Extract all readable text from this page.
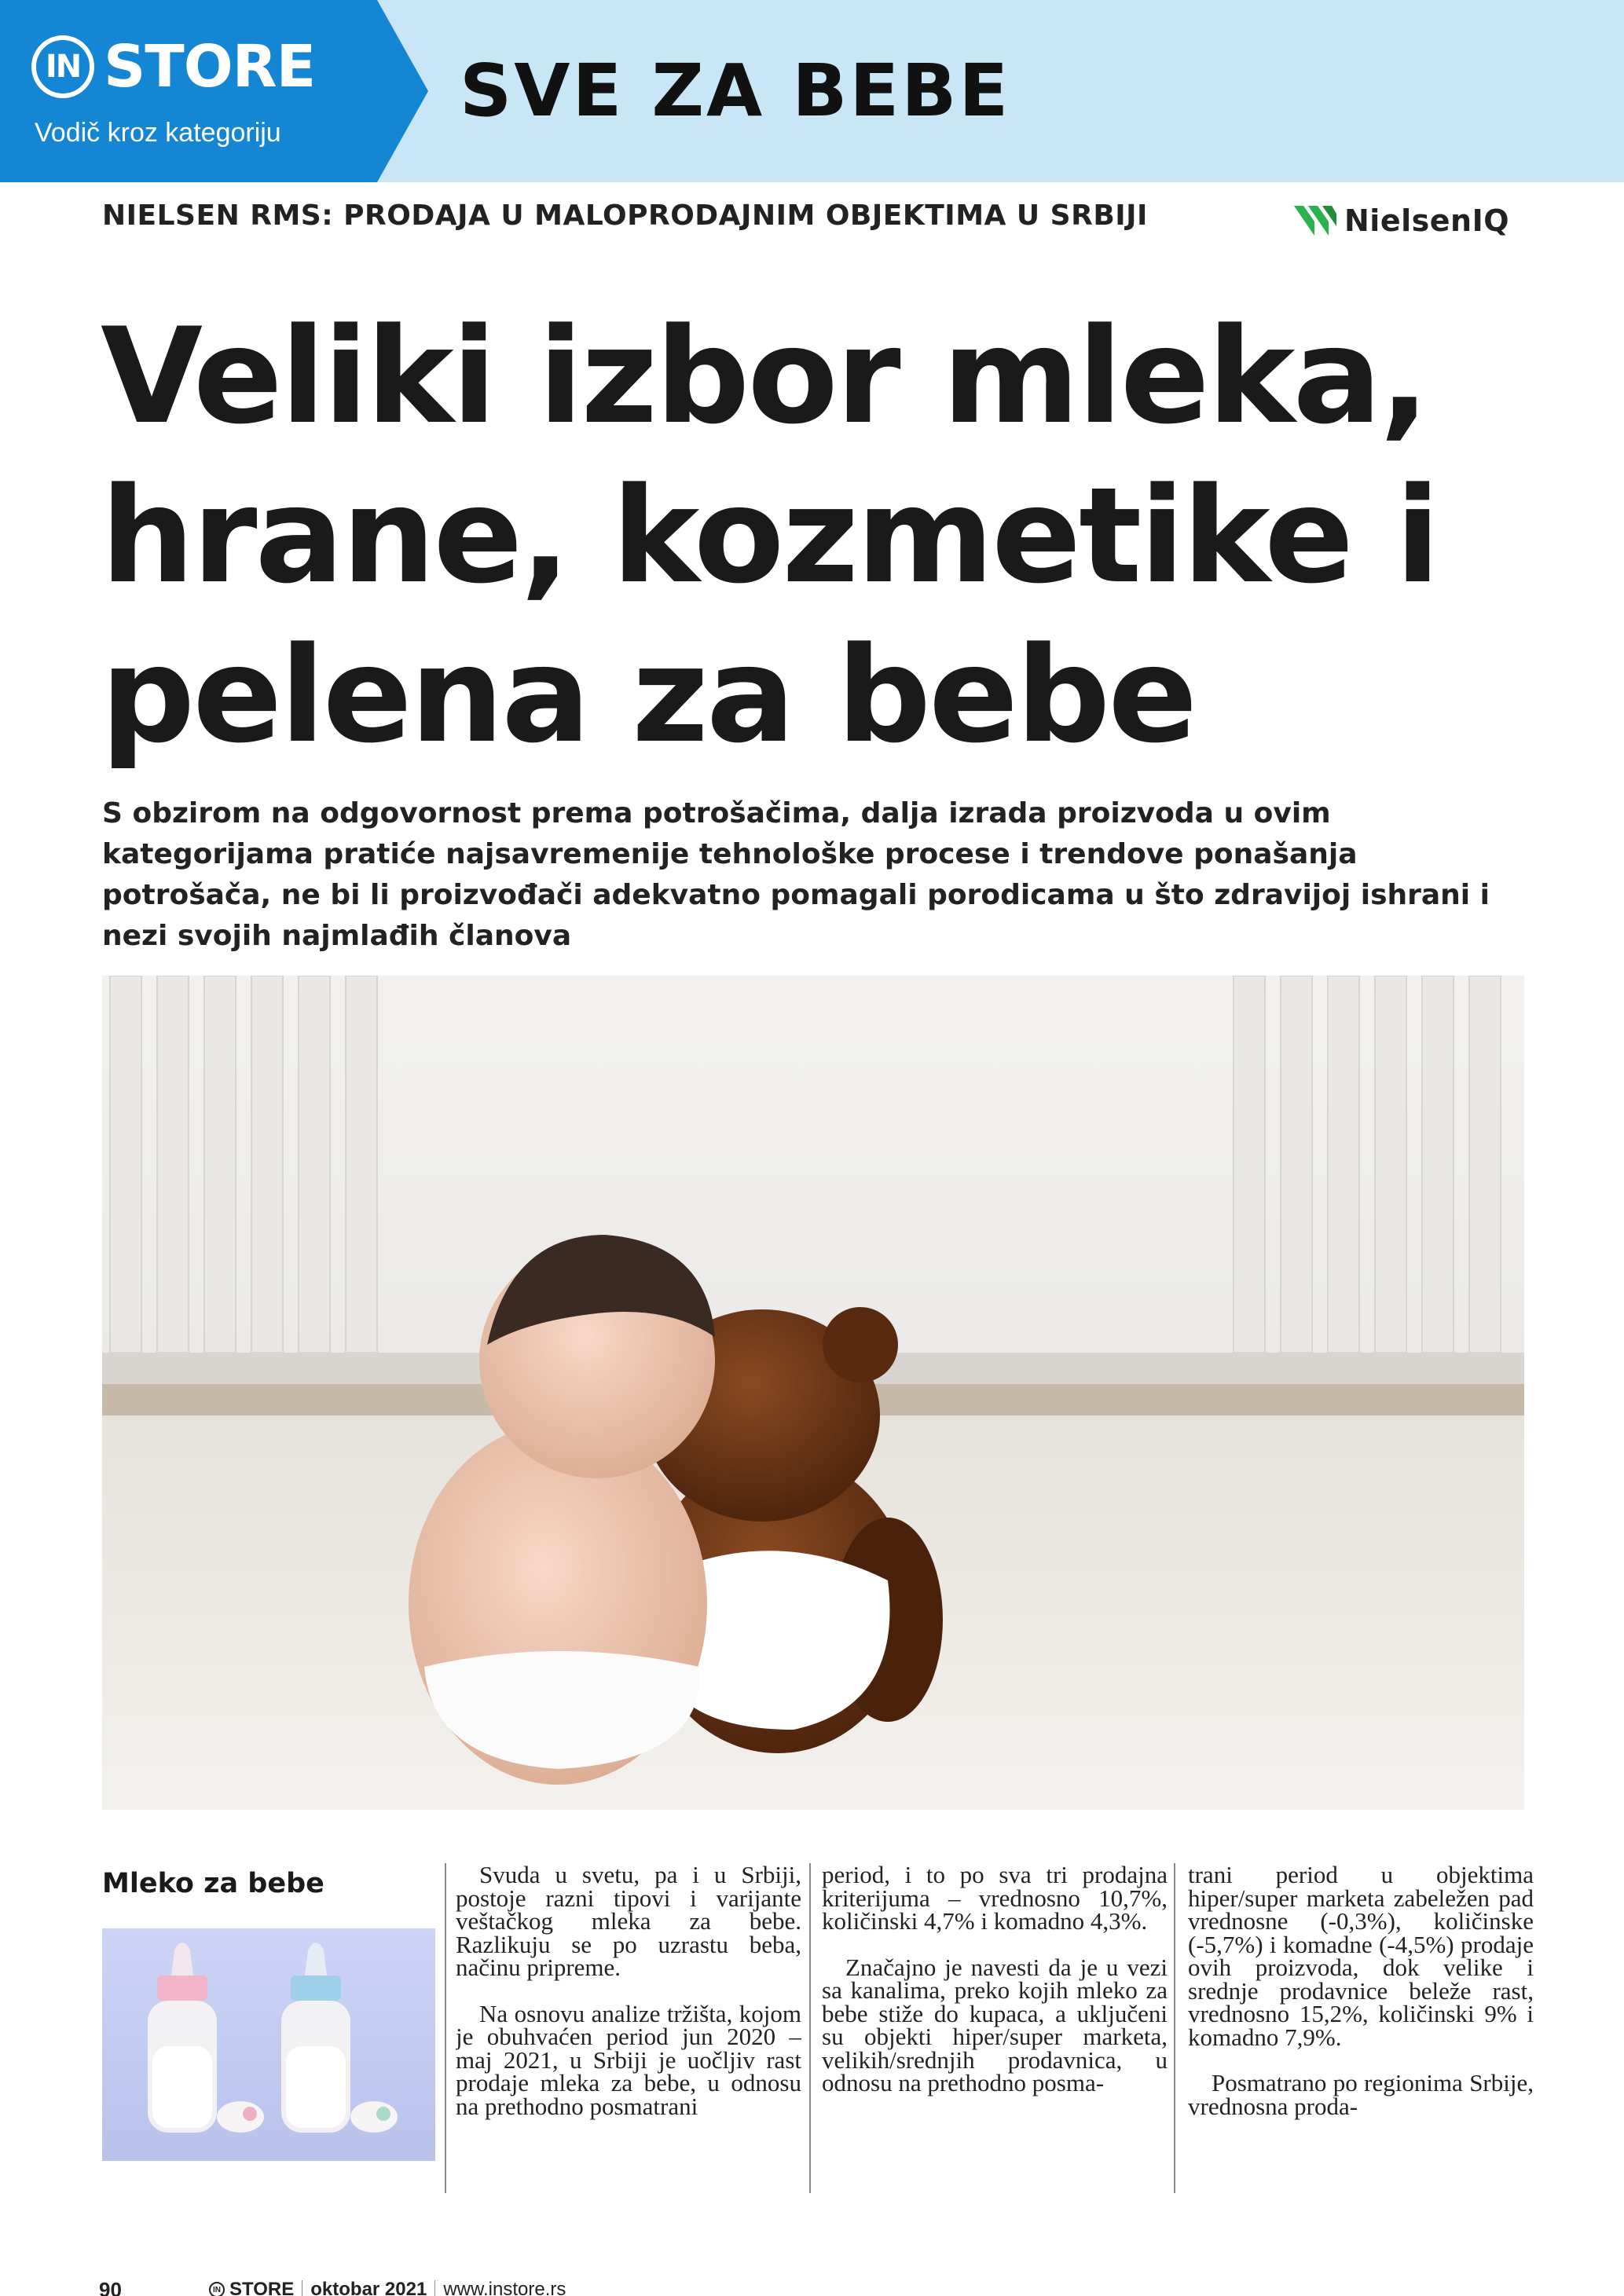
IN STORE
Vodič kroz kategoriju SVE ZA BEBE
NIELSEN RMS: PRODAJA U MALOPRODAJNIM OBJEKTIMA U SRBIJI	NielsenIQ
Veliki izbor mleka, hrane, kozmetike i pelena za bebe

S obzirom na odgovornost prema potrošačima, dalja izrada proizvoda u ovim kategorijama pratiće najsavremenije tehnološke procese i trendove ponašanja potrošača, ne bi li proizvođači adekvatno pomagali porodicama u što zdravijoj ishrani i nezi svojih najmlađih članova

Mleko za bebe	Svuda u svetu, pa i u Srbiji, postoje razni tipovi i varijante veštačkog mleka za bebe. Razlikuju se po uzrastu beba, načinu pripreme.

Na osnovu analize tržišta, kojom je obuhvaćen period jun 2020 – maj 2021, u Srbiji je uočljiv rast prodaje mleka za bebe, u odnosu na prethodno posmatrani

period, i to po sva tri prodajna kriterijuma – vrednosno 10,7%, količinski 4,7% i komadno 4,3%.

Značajno je navesti da je u vezi sa kanalima, preko kojih mleko za bebe stiže do kupaca, a uključeni su objekti hiper/super marketa, velikih/srednjih prodavnica, u odnosu na prethodno posma-

trani period u objektima hiper/super marketa zabeležen pad vrednosne (-0,3%), količinske (-5,7%) i komadne (-4,5%) prodaje ovih proizvoda, dok velike i srednje prodavnice beleže rast, vrednosno 15,2%, količinski 9% i komadno 7,9%.

Posmatrano po regionima Srbije, vrednosna proda-

90	IN STORE oktobar 2021 www.instore.rs
